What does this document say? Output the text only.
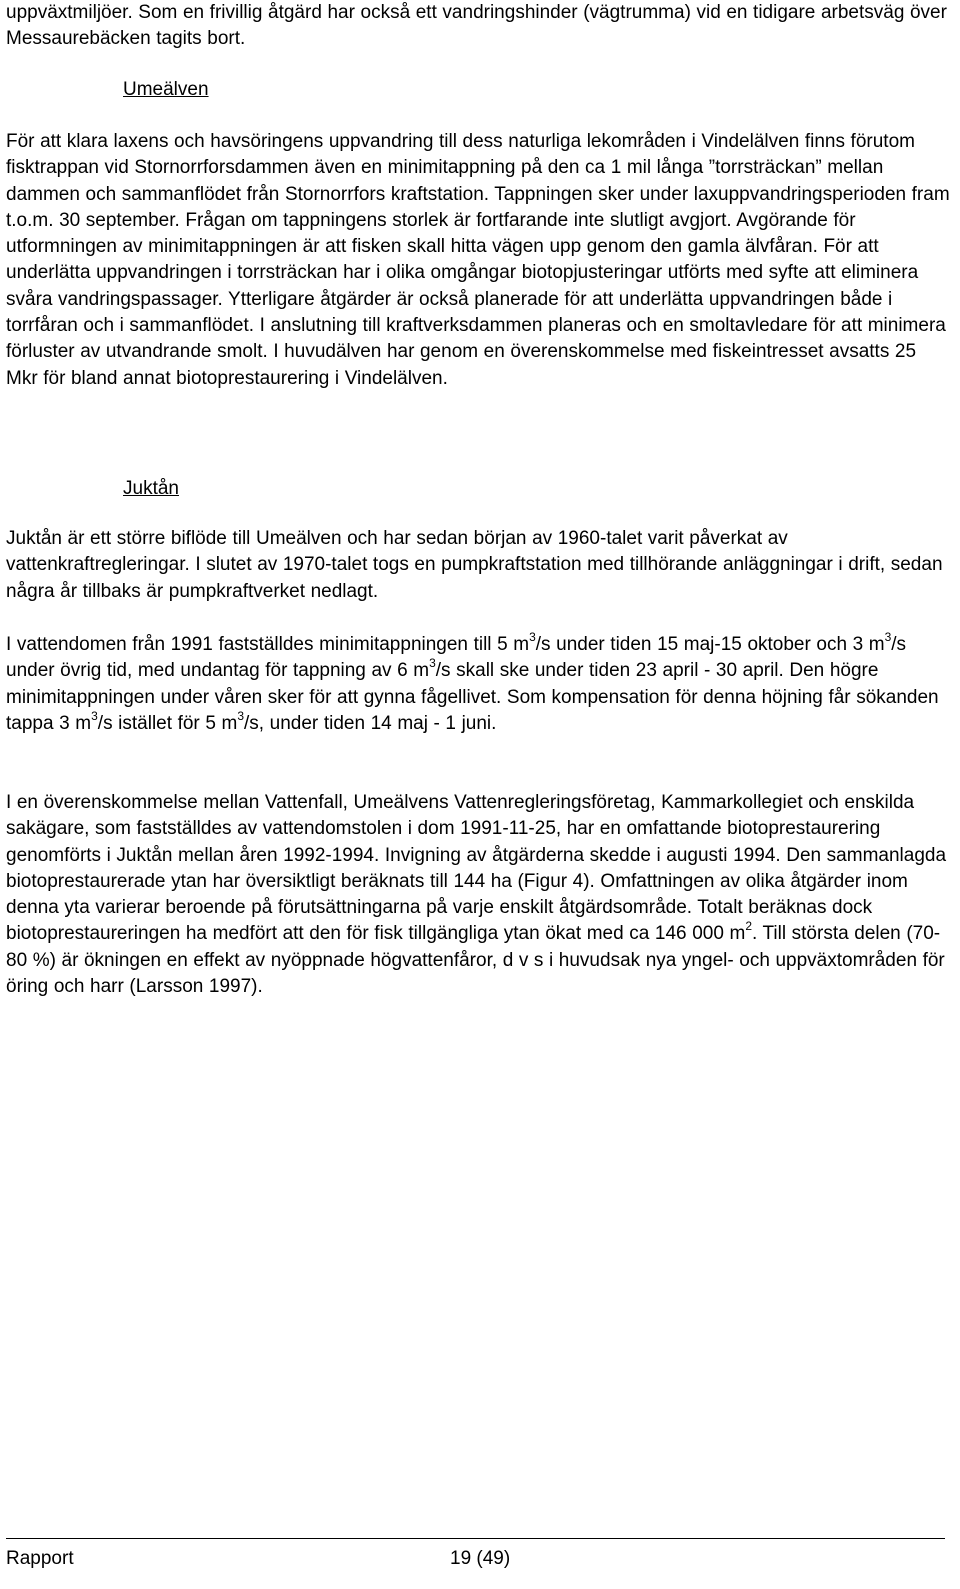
uppväxtmiljöer. Som en frivillig åtgärd har också ett vandringshinder (vägtrumma) vid en tidigare arbetsväg över Messaurebäcken tagits bort.

Umeälven

För att klara laxens och havsöringens uppvandring till dess naturliga lekområden i Vindelälven finns förutom fisktrappan vid Stornorrforsdammen även en minimitappning på den ca 1 mil långa ”torrsträckan” mellan dammen och sammanflödet från Stornorrfors kraftstation. Tappningen sker under laxuppvandringsperioden fram t.o.m. 30 september. Frågan om tappningens storlek är fortfarande inte slutligt avgjort. Avgörande för utformningen av minimitappningen är att fisken skall hitta vägen upp genom den gamla älvfåran. För att underlätta uppvandringen i torrsträckan har i olika omgångar biotopjusteringar utförts med syfte att eliminera svåra vandringspassager. Ytterligare åtgärder är också planerade för att underlätta uppvandringen både i torrfåran och i sammanflödet. I anslutning till kraftverksdammen planeras och en smoltavledare för att minimera förluster av utvandrande smolt. I huvudälven har genom en överenskommelse med fiskeintresset avsatts 25 Mkr för bland annat biotoprestaurering i Vindelälven.

Juktån

Juktån är ett större biflöde till Umeälven och har sedan början av 1960-talet varit påverkat av vattenkraftregleringar. I slutet av 1970-talet togs en pumpkraftstation med tillhörande anläggningar i drift, sedan några år tillbaks är pumpkraftverket nedlagt.

I vattendomen från 1991 fastställdes minimitappningen till 5 $m^3/s$ under tiden 15 maj-15 oktober och 3 $m^3/s$ under övrig tid, med undantag för tappning av 6 $m^3/s$ skall ske under tiden 23 april - 30 april. Den högre minimitappningen under våren sker för att gynna fågellivet. Som kompensation för denna höjning får sökanden tappa 3 $m^3/s$ istället för 5 $m^3/s$, under tiden 14 maj - 1 juni.

I en överenskommelse mellan Vattenfall, Umeälvens Vattenregleringsföretag, Kammarkollegiet och enskilda sakägare, som fastställdes av vattendomstolen i dom 1991-11-25, har en omfattande biotoprestaurering genomförts i Juktån mellan åren 1992-1994. Invigning av åtgärderna skedde i augusti 1994. Den sammanlagda biotoprestaurerade ytan har översiktligt beräknats till 144 ha (Figur 4). Omfattningen av olika åtgärder inom denna yta varierar beroende på förutsättningarna på varje enskilt åtgärdsområde. Totalt beräknas dock biotoprestaureringen ha medfört att den för fisk tillgängliga ytan ökat med ca 146 000 $m^2$. Till största delen (70-80 %) är ökningen en effekt av nyöppnade högvattenfåror, d v s i huvudsak nya yngel- och uppväxtområden för öring och harr (Larsson 1997).

Rapport	19 (49)
